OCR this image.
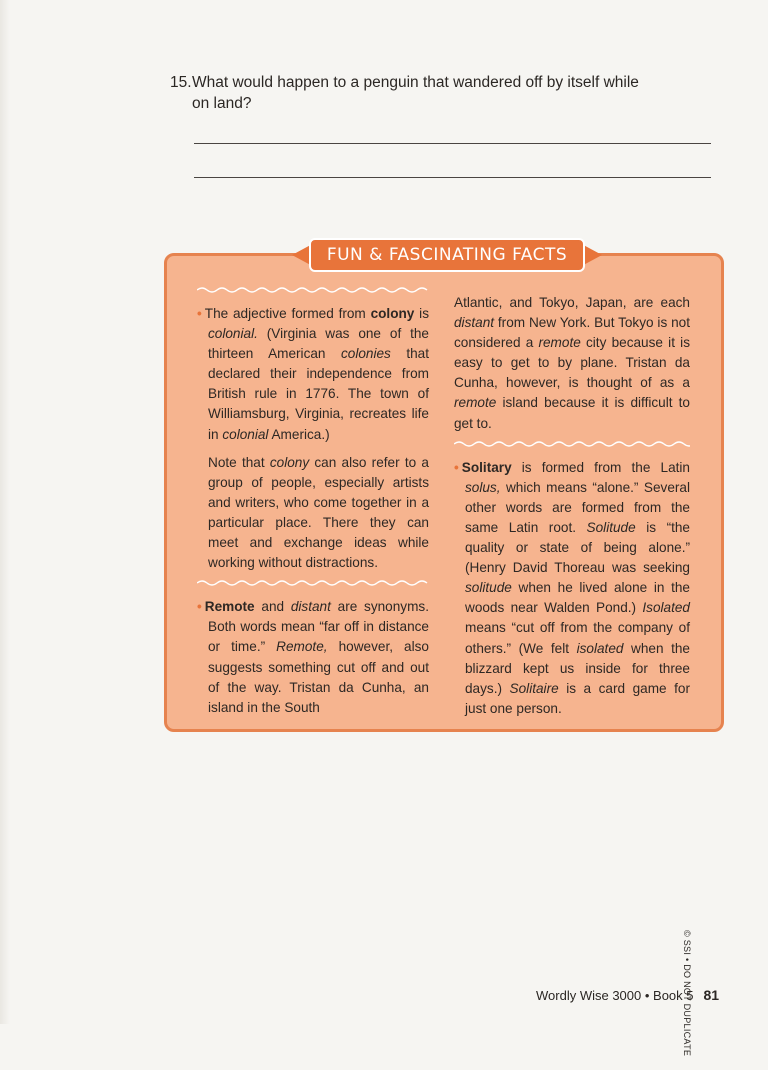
15.What would happen to a penguin that wandered off by itself while
on land?
FUN & FASCINATING FACTS

• The adjective formed from colony is colonial. (Virginia was one of the thirteen American colonies that declared their independence from British rule in 1776. The town of Williamsburg, Virginia, recreates life in colonial America.)

Note that colony can also refer to a group of people, especially artists and writers, who come together in a particular place. There they can meet and exchange ideas while working without distractions.

• Remote and distant are synonyms. Both words mean “far off in distance or time.” Remote, however, also suggests something cut off and out of the way. Tristan da Cunha, an island in the South

Atlantic, and Tokyo, Japan, are each distant from New York. But Tokyo is not considered a remote city because it is easy to get to by plane. Tristan da Cunha, however, is thought of as a remote island because it is difficult to get to.

• Solitary is formed from the Latin solus, which means “alone.” Several other words are formed from the same Latin root. Solitude is “the quality or state of being alone.” (Henry David Thoreau was seeking solitude when he lived alone in the woods near Walden Pond.) Isolated means “cut off from the company of others.” (We felt isolated when the blizzard kept us inside for three days.) Solitaire is a card game for just one person.

© SSI • DO NOT DUPLICATE
Wordly Wise 3000 • Book 5 81
